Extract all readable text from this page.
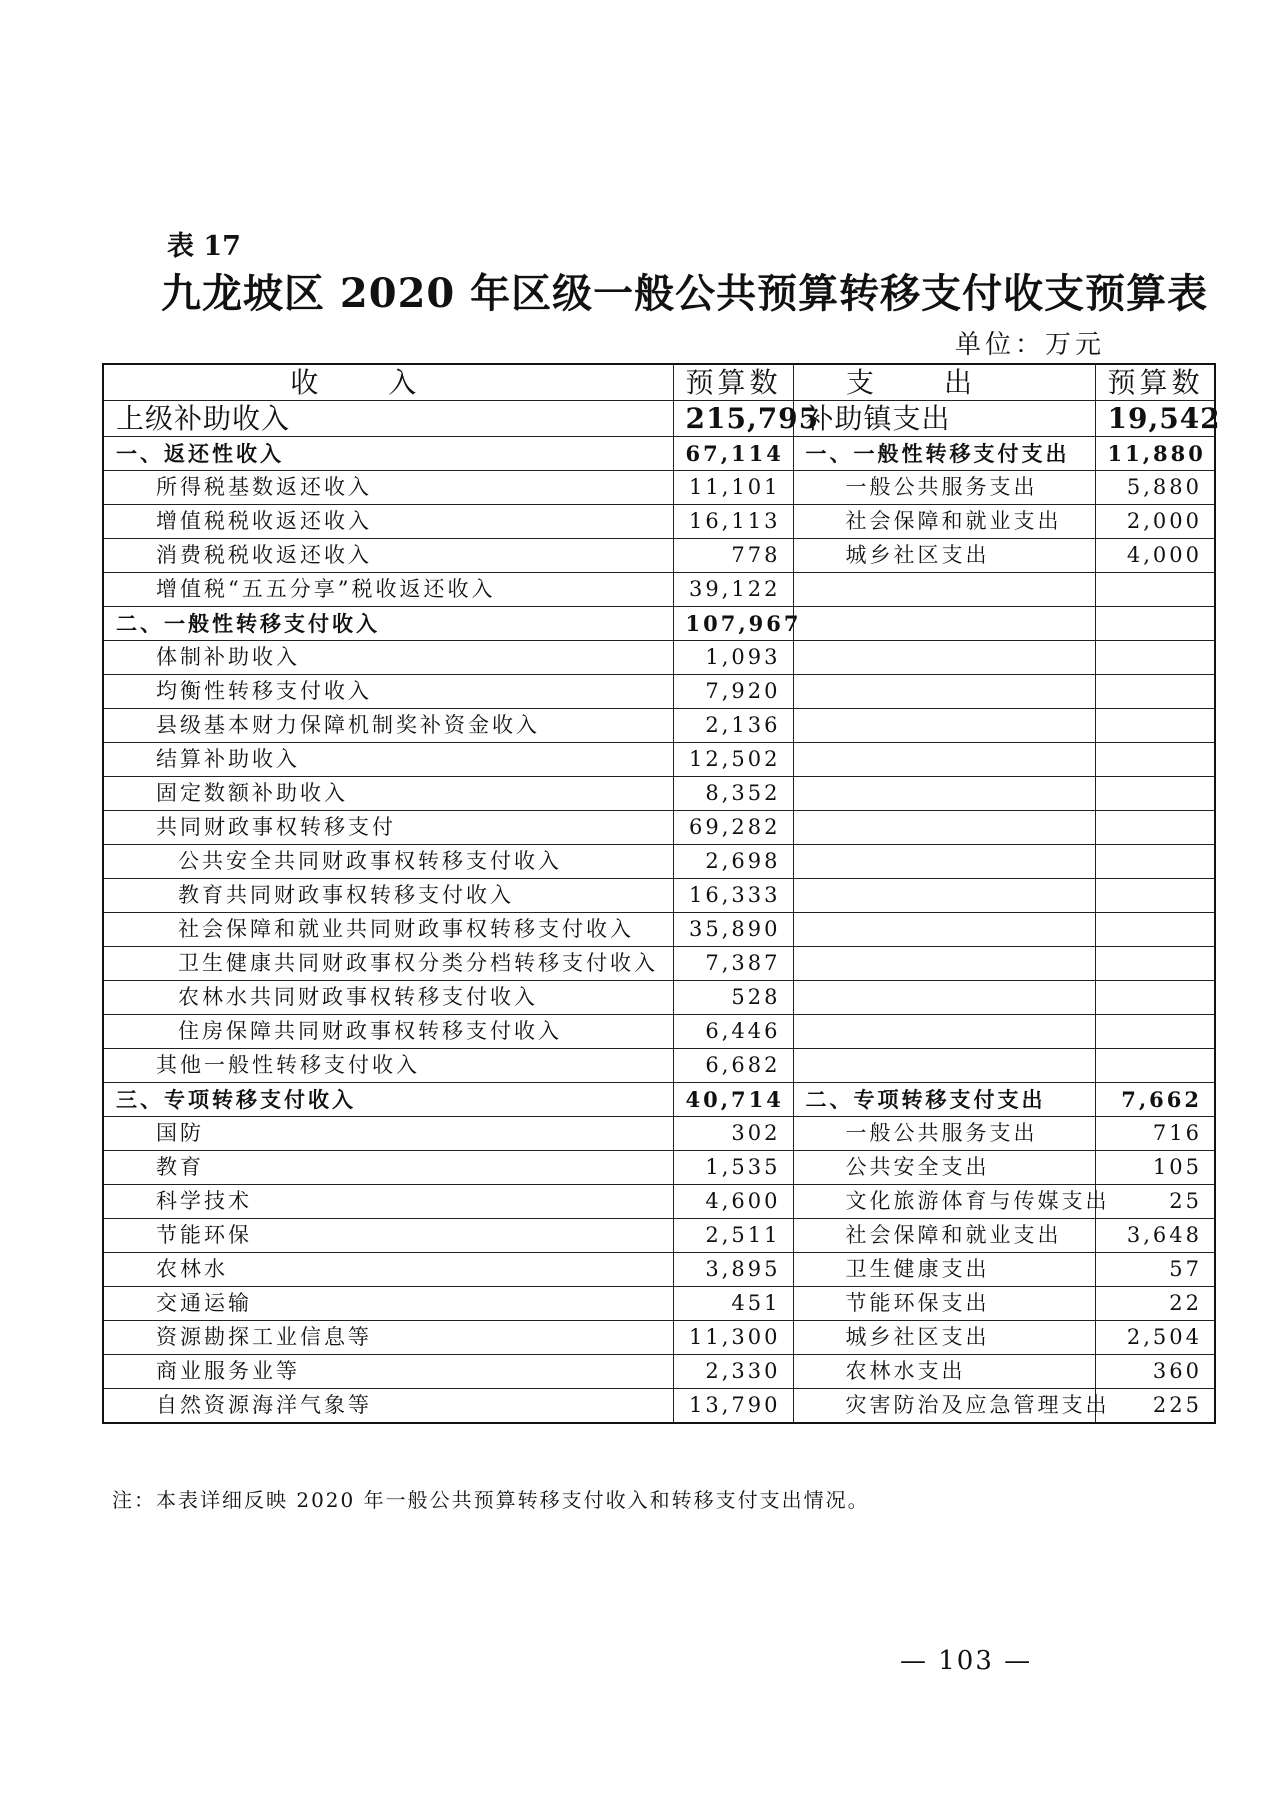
表 17
九龙坡区 2020 年区级一般公共预算转移支付收支预算表
单位：万元
收入	预算数	支出	预算数
上级补助收入	215,795	补助镇支出	19,542
一、返还性收入	67,114	一、一般性转移支付支出	11,880
所得税基数返还收入	11,101	一般公共服务支出	5,880
增值税税收返还收入	16,113	社会保障和就业支出	2,000
消费税税收返还收入	778	城乡社区支出	4,000
增值税“五五分享”税收返还收入	39,122		
二、一般性转移支付收入	107,967		
体制补助收入	1,093		
均衡性转移支付收入	7,920		
县级基本财力保障机制奖补资金收入	2,136		
结算补助收入	12,502		
固定数额补助收入	8,352		
共同财政事权转移支付	69,282		
公共安全共同财政事权转移支付收入	2,698		
教育共同财政事权转移支付收入	16,333		
社会保障和就业共同财政事权转移支付收入	35,890		
卫生健康共同财政事权分类分档转移支付收入	7,387		
农林水共同财政事权转移支付收入	528		
住房保障共同财政事权转移支付收入	6,446		
其他一般性转移支付收入	6,682		
三、专项转移支付收入	40,714	二、专项转移支付支出	7,662
国防	302	一般公共服务支出	716
教育	1,535	公共安全支出	105
科学技术	4,600	文化旅游体育与传媒支出	25
节能环保	2,511	社会保障和就业支出	3,648
农林水	3,895	卫生健康支出	57
交通运输	451	节能环保支出	22
资源勘探工业信息等	11,300	城乡社区支出	2,504
商业服务业等	2,330	农林水支出	360
自然资源海洋气象等	13,790	灾害防治及应急管理支出	225
注：本表详细反映 2020 年一般公共预算转移支付收入和转移支付支出情况。
— 103 —
